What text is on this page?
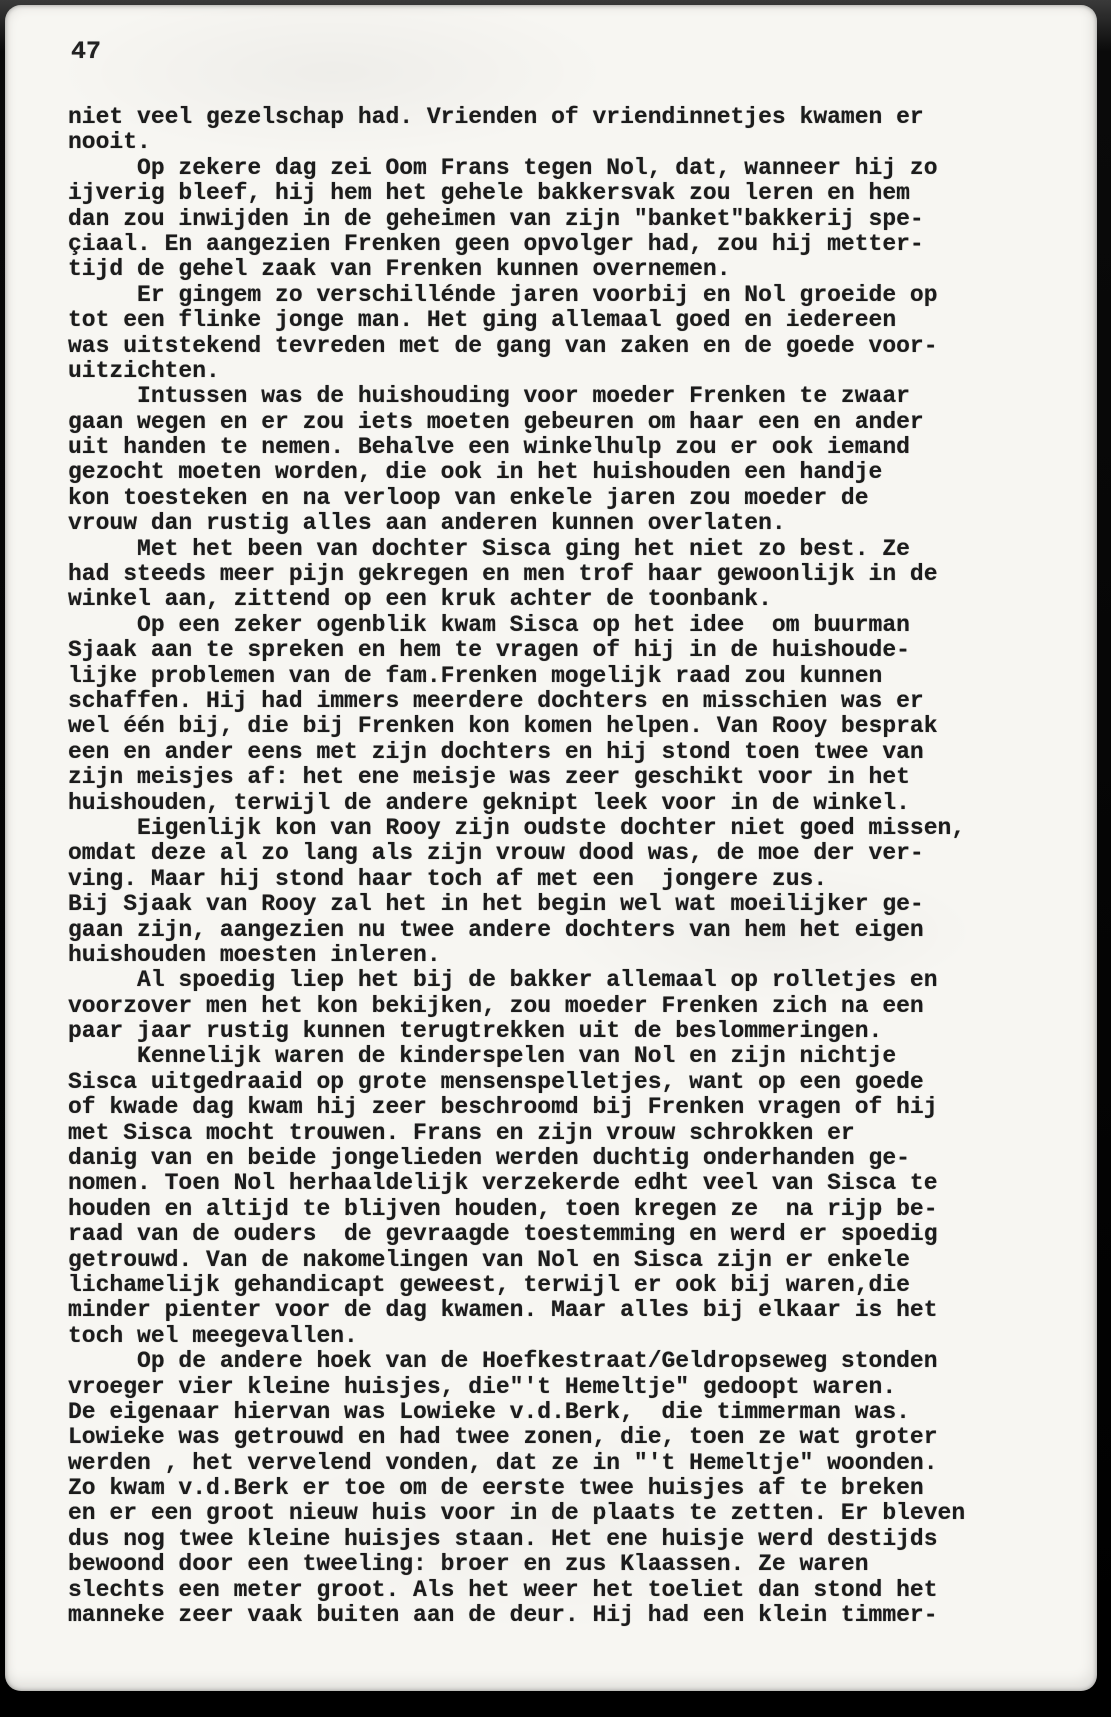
47
niet veel gezelschap had. Vrienden of vriendinnetjes kwamen er
nooit.
Op zekere dag zei Oom Frans tegen Nol, dat, wanneer hij zo
ijverig bleef, hij hem het gehele bakkersvak zou leren en hem
dan zou inwijden in de geheimen van zijn "banket"bakkerij spe-
çiaal. En aangezien Frenken geen opvolger had, zou hij metter-
tijd de gehel zaak van Frenken kunnen overnemen.
Er gingem zo verschillénde jaren voorbij en Nol groeide op
tot een flinke jonge man. Het ging allemaal goed en iedereen
was uitstekend tevreden met de gang van zaken en de goede voor-
uitzichten.
Intussen was de huishouding voor moeder Frenken te zwaar
gaan wegen en er zou iets moeten gebeuren om haar een en ander
uit handen te nemen. Behalve een winkelhulp zou er ook iemand
gezocht moeten worden, die ook in het huishouden een handje
kon toesteken en na verloop van enkele jaren zou moeder de
vrouw dan rustig alles aan anderen kunnen overlaten.
Met het been van dochter Sisca ging het niet zo best. Ze
had steeds meer pijn gekregen en men trof haar gewoonlijk in de
winkel aan, zittend op een kruk achter de toonbank.
Op een zeker ogenblik kwam Sisca op het idee  om buurman
Sjaak aan te spreken en hem te vragen of hij in de huishoude-
lijke problemen van de fam.Frenken mogelijk raad zou kunnen
schaffen. Hij had immers meerdere dochters en misschien was er
wel één bij, die bij Frenken kon komen helpen. Van Rooy besprak
een en ander eens met zijn dochters en hij stond toen twee van
zijn meisjes af: het ene meisje was zeer geschikt voor in het
huishouden, terwijl de andere geknipt leek voor in de winkel.
Eigenlijk kon van Rooy zijn oudste dochter niet goed missen,
omdat deze al zo lang als zijn vrouw dood was, de moe der ver-
ving. Maar hij stond haar toch af met een  jongere zus.
Bij Sjaak van Rooy zal het in het begin wel wat moeilijker ge-
gaan zijn, aangezien nu twee andere dochters van hem het eigen
huishouden moesten inleren.
Al spoedig liep het bij de bakker allemaal op rolletjes en
voorzover men het kon bekijken, zou moeder Frenken zich na een
paar jaar rustig kunnen terugtrekken uit de beslommeringen.
Kennelijk waren de kinderspelen van Nol en zijn nichtje
Sisca uitgedraaid op grote mensenspelletjes, want op een goede
of kwade dag kwam hij zeer beschroomd bij Frenken vragen of hij
met Sisca mocht trouwen. Frans en zijn vrouw schrokken er
danig van en beide jongelieden werden duchtig onderhanden ge-
nomen. Toen Nol herhaaldelijk verzekerde edht veel van Sisca te
houden en altijd te blijven houden, toen kregen ze  na rijp be-
raad van de ouders  de gevraagde toestemming en werd er spoedig
getrouwd. Van de nakomelingen van Nol en Sisca zijn er enkele
lichamelijk gehandicapt geweest, terwijl er ook bij waren,die
minder pienter voor de dag kwamen. Maar alles bij elkaar is het
toch wel meegevallen.
Op de andere hoek van de Hoefkestraat/Geldropseweg stonden
vroeger vier kleine huisjes, die"'t Hemeltje" gedoopt waren.
De eigenaar hiervan was Lowieke v.d.Berk,  die timmerman was.
Lowieke was getrouwd en had twee zonen, die, toen ze wat groter
werden , het vervelend vonden, dat ze in "'t Hemeltje" woonden.
Zo kwam v.d.Berk er toe om de eerste twee huisjes af te breken
en er een groot nieuw huis voor in de plaats te zetten. Er bleven
dus nog twee kleine huisjes staan. Het ene huisje werd destijds
bewoond door een tweeling: broer en zus Klaassen. Ze waren
slechts een meter groot. Als het weer het toeliet dan stond het
manneke zeer vaak buiten aan de deur. Hij had een klein timmer-
